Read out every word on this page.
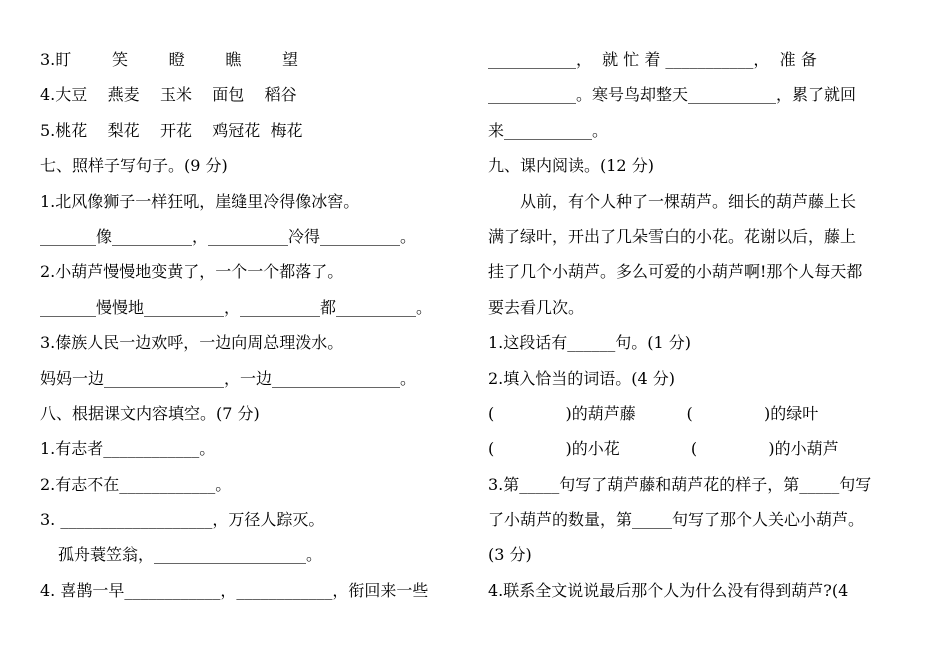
3.盯        笑        瞪        瞧        望
4.大豆    燕麦    玉米    面包    稻谷
5.桃花    梨花    开花    鸡冠花  梅花
七、照样子写句子。(9 分)
1.北风像狮子一样狂吼，崖缝里冷得像冰窖。
_______像__________，__________冷得__________。
2.小葫芦慢慢地变黄了，一个一个都落了。
_______慢慢地__________，__________都__________。
3.傣族人民一边欢呼，一边向周总理泼水。
妈妈一边_______________，一边________________。
八、根据课文内容填空。(7 分)
1.有志者____________。
2.有志不在____________。
3. ___________________，万径人踪灭。
孤舟蓑笠翁，___________________。
4. 喜鹊一早____________，____________，衔回来一些
___________，  就 忙 着 ___________，  准 备
___________。寒号鸟却整天___________，累了就回
来___________。
九、课内阅读。(12 分)
从前，有个人种了一棵葫芦。细长的葫芦藤上长
满了绿叶，开出了几朵雪白的小花。花谢以后，藤上
挂了几个小葫芦。多么可爱的小葫芦啊!那个人每天都
要去看几次。
1.这段话有______句。(1 分)
2.填入恰当的词语。(4 分)
(              )的葫芦藤          (              )的绿叶
(              )的小花              (              )的小葫芦
3.第_____句写了葫芦藤和葫芦花的样子，第_____句写
了小葫芦的数量，第_____句写了那个人关心小葫芦。
(3 分)
4.联系全文说说最后那个人为什么没有得到葫芦?(4
